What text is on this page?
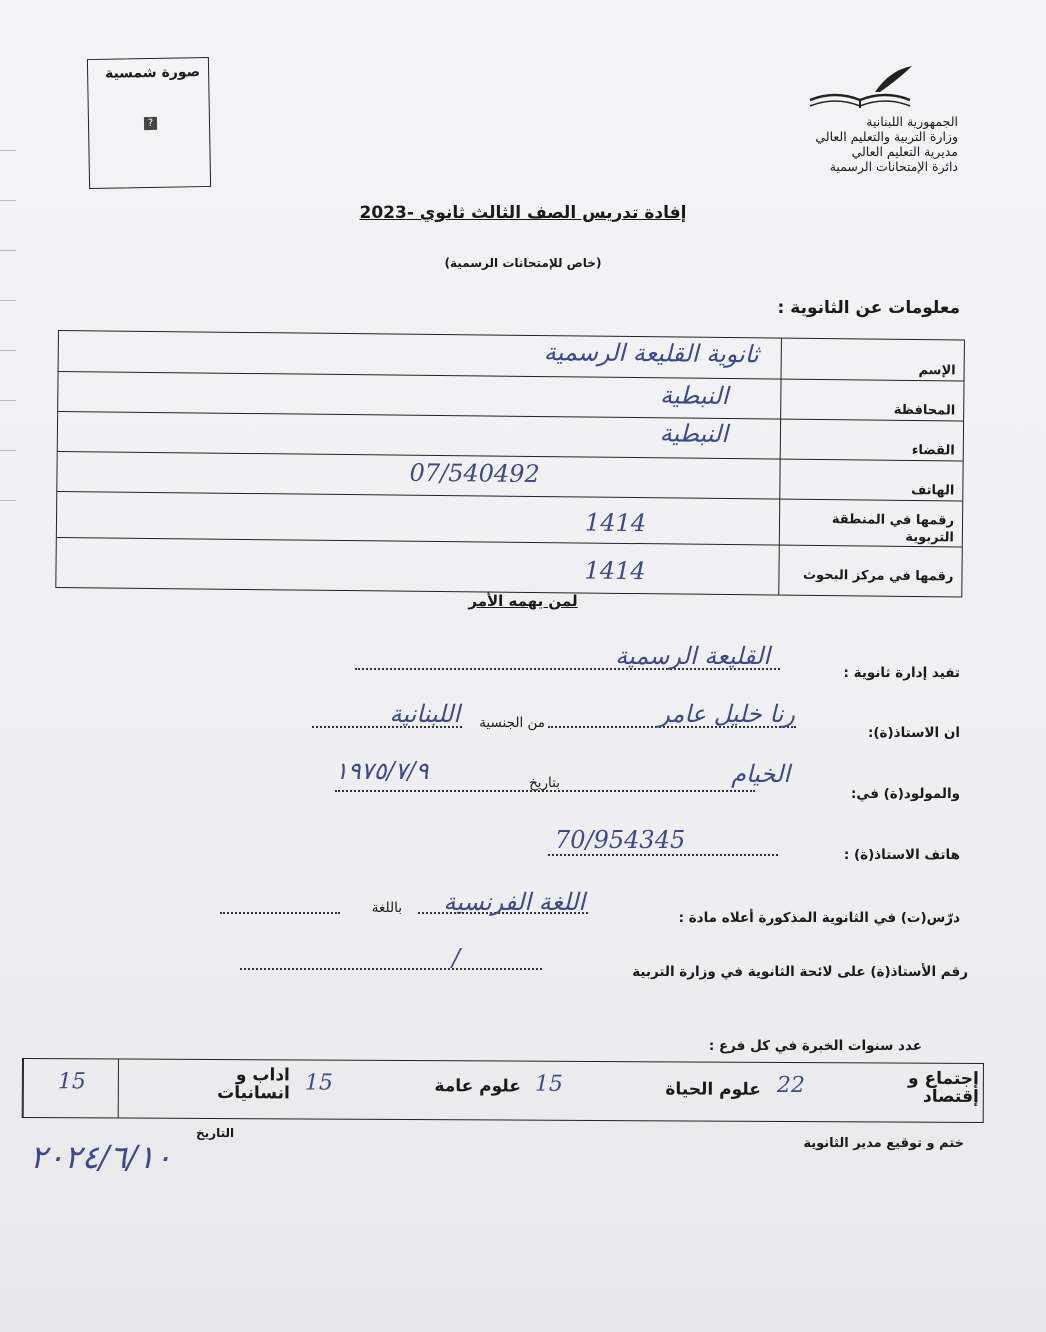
صورة شمسية
?	الجمهورية اللبنانية
وزارة التربية والتعليم العالي
مديرية التعليم العالي
دائرة الإمتحانات الرسمية
إفادة تدريس الصف الثالث ثانوي -2023
(خاص للإمتحانات الرسمية)
معلومات عن الثانوية :
الإسم
ثانوية القليعة الرسمية
المحافظة
النبطية
القضاء
النبطية
الهاتف
07/540492
رقمها في المنطقة التربوية
1414
رقمها في مركز البحوث
1414
لمن يهمه الأمر
تفيد إدارة ثانوية :
القليعة الرسمية
ان الاستاذ(ة):
رنا خليل عامر
من الجنسية
اللبنانية
والمولود(ة) في:
الخيام
بتاريخ
١٩٧٥/٧/٩
هاتف الاستاذ(ة) :
70/954345
درّس(ت) في الثانوية المذكورة أعلاه مادة :
اللغة الفرنسية
باللغة
رقم الأستاذ(ة) على لائحة الثانوية في وزارة التربية
/
عدد سنوات الخبرة في كل فرع :
إجتماع و إقتصاد
22
علوم الحياة
15
علوم عامة
15
اداب و انسانيات
15
ختم و توقيع مدير الثانوية
التاريخ
٢٠٢٤/٦/١٠
